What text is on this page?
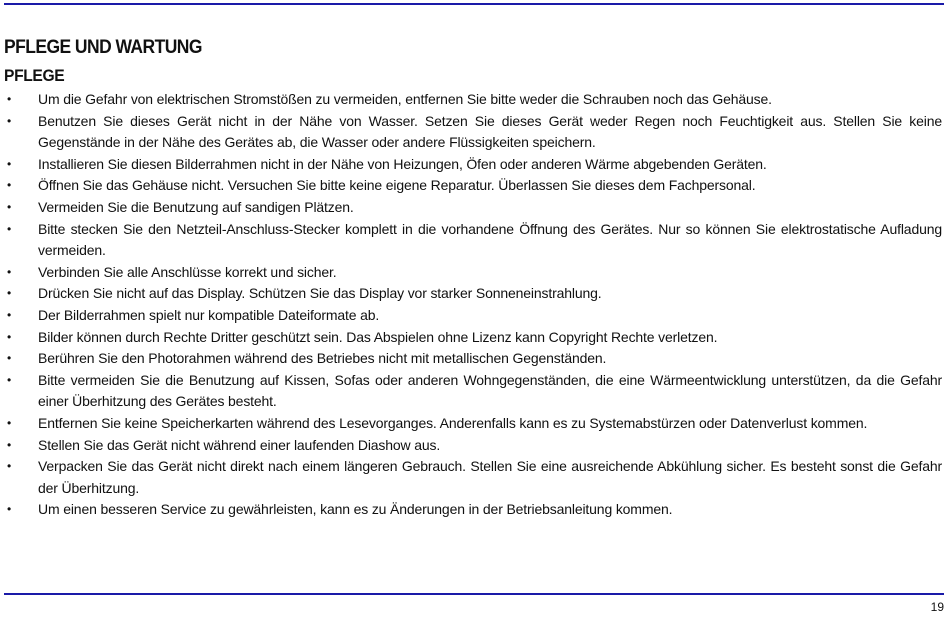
PFLEGE UND WARTUNG
PFLEGE
•	Um die Gefahr von elektrischen Stromstößen zu vermeiden, entfernen Sie bitte weder die Schrauben noch das Gehäuse.
•	Benutzen Sie dieses Gerät nicht in der Nähe von Wasser. Setzen Sie dieses Gerät weder Regen noch Feuchtigkeit aus. Stellen Sie keine Gegenstände in der Nähe des Gerätes ab, die Wasser oder andere Flüssigkeiten speichern.
•	Installieren Sie diesen Bilderrahmen nicht in der Nähe von Heizungen, Öfen oder anderen Wärme abgebenden Geräten.
•	Öffnen Sie das Gehäuse nicht. Versuchen Sie bitte keine eigene Reparatur. Überlassen Sie dieses dem Fachpersonal.
•	Vermeiden Sie die Benutzung auf sandigen Plätzen.
•	Bitte stecken Sie den Netzteil-Anschluss-Stecker komplett in die vorhandene Öffnung des Gerätes. Nur so können Sie elektrostatische Aufladung vermeiden.
•	Verbinden Sie alle Anschlüsse korrekt und sicher.
•	Drücken Sie nicht auf das Display. Schützen Sie das Display vor starker Sonneneinstrahlung.
•	Der Bilderrahmen spielt nur kompatible Dateiformate ab.
•	Bilder können durch Rechte Dritter geschützt sein. Das Abspielen ohne Lizenz kann Copyright Rechte verletzen.
•	Berühren Sie den Photorahmen während des Betriebes nicht mit metallischen Gegenständen.
•	Bitte vermeiden Sie die Benutzung auf Kissen, Sofas oder anderen Wohngegenständen, die eine Wärmeentwicklung unterstützen, da die Gefahr einer Überhitzung des Gerätes besteht.
•	Entfernen Sie keine Speicherkarten während des Lesevorganges. Anderenfalls kann es zu Systemabstürzen oder Datenverlust kommen.
•	Stellen Sie das Gerät nicht während einer laufenden Diashow aus.
•	Verpacken Sie das Gerät nicht direkt nach einem längeren Gebrauch. Stellen Sie eine ausreichende Abkühlung sicher. Es besteht sonst die Gefahr der Überhitzung.
•	Um einen besseren Service zu gewährleisten, kann es zu Änderungen in der Betriebsanleitung kommen.
19
